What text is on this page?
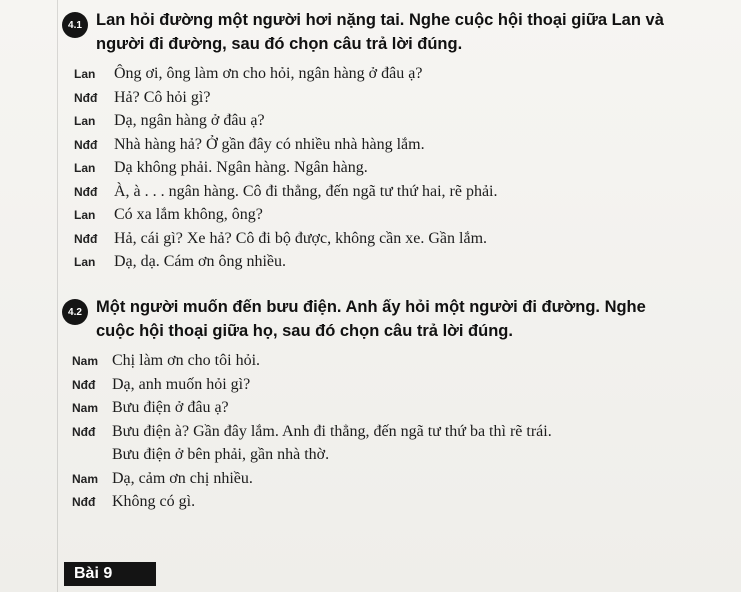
4.1 Lan hỏi đường một người hơi nặng tai. Nghe cuộc hội thoại giữa Lan và
người đi đường, sau đó chọn câu trả lời đúng.
Lan	Ông ơi, ông làm ơn cho hỏi, ngân hàng ở đâu ạ?
Nđđ	Hả? Cô hỏi gì?
Lan	Dạ, ngân hàng ở đâu ạ?
Nđđ	Nhà hàng hả? Ở gần đây có nhiều nhà hàng lắm.
Lan	Dạ không phải. Ngân hàng. Ngân hàng.
Nđđ	À, à . . . ngân hàng. Cô đi thẳng, đến ngã tư thứ hai, rẽ phải.
Lan	Có xa lắm không, ông?
Nđđ	Hả, cái gì? Xe hả? Cô đi bộ được, không cần xe. Gần lắm.
Lan	Dạ, dạ. Cám ơn ông nhiều.
4.2 Một người muốn đến bưu điện. Anh ấy hỏi một người đi đường. Nghe
cuộc hội thoại giữa họ, sau đó chọn câu trả lời đúng.
Nam Chị làm ơn cho tôi hỏi.
Nđđ	Dạ, anh muốn hỏi gì?
Nam Bưu điện ở đâu ạ?
Nđđ	Bưu điện à? Gần đây lắm. Anh đi thẳng, đến ngã tư thứ ba thì rẽ trái.
Bưu điện ở bên phải, gần nhà thờ.
Nam Dạ, cảm ơn chị nhiều.
Nđđ	Không có gì.
Bài 9
